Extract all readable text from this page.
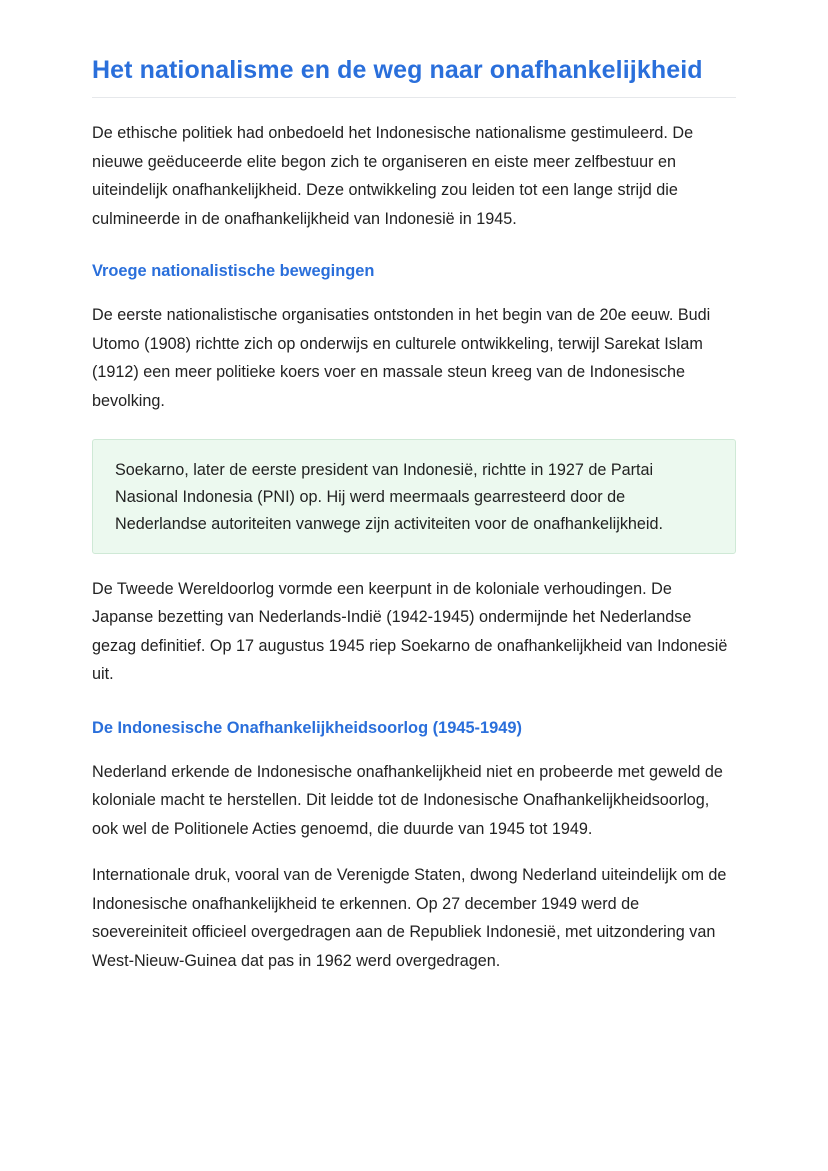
Het nationalisme en de weg naar onafhankelijkheid

De ethische politiek had onbedoeld het Indonesische nationalisme gestimuleerd. De nieuwe geëduceerde elite begon zich te organiseren en eiste meer zelfbestuur en uiteindelijk onafhankelijkheid. Deze ontwikkeling zou leiden tot een lange strijd die culmineerde in de onafhankelijkheid van Indonesië in 1945.

Vroege nationalistische bewegingen

De eerste nationalistische organisaties ontstonden in het begin van de 20e eeuw. Budi Utomo (1908) richtte zich op onderwijs en culturele ontwikkeling, terwijl Sarekat Islam (1912) een meer politieke koers voer en massale steun kreeg van de Indonesische bevolking.

Soekarno, later de eerste president van Indonesië, richtte in 1927 de Partai Nasional Indonesia (PNI) op. Hij werd meermaals gearresteerd door de Nederlandse autoriteiten vanwege zijn activiteiten voor de onafhankelijkheid.

De Tweede Wereldoorlog vormde een keerpunt in de koloniale verhoudingen. De Japanse bezetting van Nederlands-Indië (1942-1945) ondermijnde het Nederlandse gezag definitief. Op 17 augustus 1945 riep Soekarno de onafhankelijkheid van Indonesië uit.

De Indonesische Onafhankelijkheidsoorlog (1945-1949)

Nederland erkende de Indonesische onafhankelijkheid niet en probeerde met geweld de koloniale macht te herstellen. Dit leidde tot de Indonesische Onafhankelijkheidsoorlog, ook wel de Politionele Acties genoemd, die duurde van 1945 tot 1949.

Internationale druk, vooral van de Verenigde Staten, dwong Nederland uiteindelijk om de Indonesische onafhankelijkheid te erkennen. Op 27 december 1949 werd de soevereiniteit officieel overgedragen aan de Republiek Indonesië, met uitzondering van West-Nieuw-Guinea dat pas in 1962 werd overgedragen.
